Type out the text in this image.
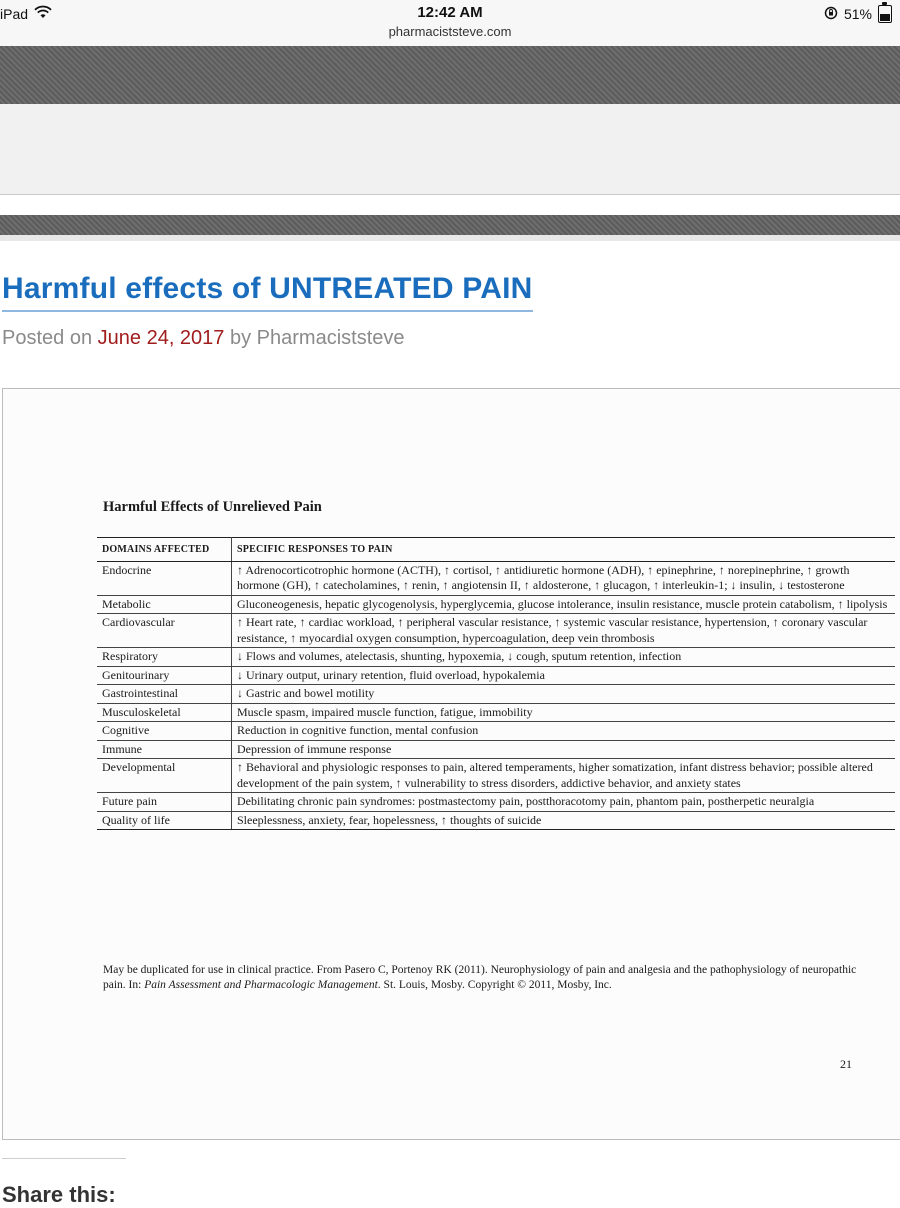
iPad	12:42 AM
pharmaciststeve.com
51%
Harmful effects of UNTREATED PAIN
Posted on June 24, 2017 by Pharmaciststeve
Harmful Effects of Unrelieved Pain
DOMAINS AFFECTED	SPECIFIC RESPONSES TO PAIN
Endocrine	↑ Adrenocorticotrophic hormone (ACTH), ↑ cortisol, ↑ antidiuretic hormone (ADH), ↑ epinephrine, ↑ norepinephrine, ↑ growth hormone (GH), ↑ catecholamines, ↑ renin, ↑ angiotensin II, ↑ aldosterone, ↑ glucagon, ↑ interleukin-1; ↓ insulin, ↓ testosterone
Metabolic	Gluconeogenesis, hepatic glycogenolysis, hyperglycemia, glucose intolerance, insulin resistance, muscle protein catabolism, ↑ lipolysis
Cardiovascular	↑ Heart rate, ↑ cardiac workload, ↑ peripheral vascular resistance, ↑ systemic vascular resistance, hypertension, ↑ coronary vascular resistance, ↑ myocardial oxygen consumption, hypercoagulation, deep vein thrombosis
Respiratory	↓ Flows and volumes, atelectasis, shunting, hypoxemia, ↓ cough, sputum retention, infection
Genitourinary	↓ Urinary output, urinary retention, fluid overload, hypokalemia
Gastrointestinal	↓ Gastric and bowel motility
Musculoskeletal	Muscle spasm, impaired muscle function, fatigue, immobility
Cognitive	Reduction in cognitive function, mental confusion
Immune	Depression of immune response
Developmental	↑ Behavioral and physiologic responses to pain, altered temperaments, higher somatization, infant distress behavior; possible altered development of the pain system, ↑ vulnerability to stress disorders, addictive behavior, and anxiety states
Future pain	Debilitating chronic pain syndromes: postmastectomy pain, postthoracotomy pain, phantom pain, postherpetic neuralgia
Quality of life	Sleeplessness, anxiety, fear, hopelessness, ↑ thoughts of suicide
May be duplicated for use in clinical practice. From Pasero C, Portenoy RK (2011). Neurophysiology of pain and analgesia and the pathophysiology of neuropathic pain. In: Pain Assessment and Pharmacologic Management. St. Louis, Mosby. Copyright © 2011, Mosby, Inc.
21
Share this:
